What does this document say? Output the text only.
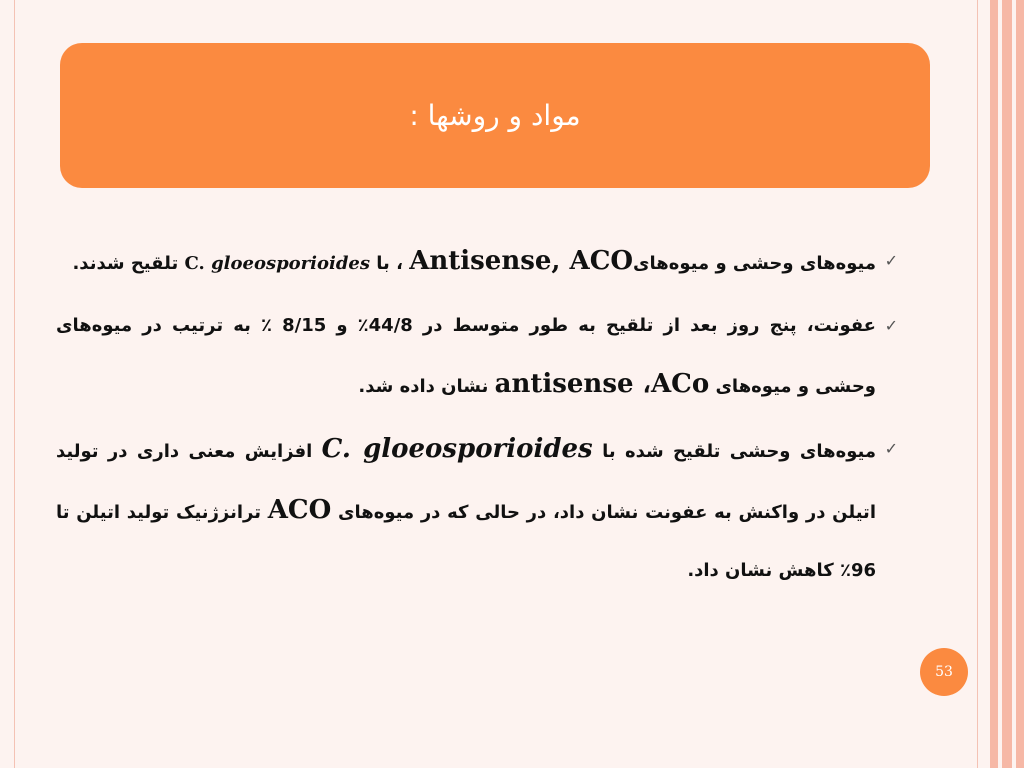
مواد و روشها :
✓
میوه‌های وحشی و میوه‌هایAntisense, ACO ، با gloeosporioides C. تلقیح شدند.
✓
عفونت، پنج روز بعد از تلقیح به طور متوسط در 44/8٪ و 8/15 ٪ به ترتیب در میوه‌های وحشی و میوه‌های antisense ،ACo نشان داده شد.
✓
میوه‌های وحشی تلقیح شده با C. gloeosporioides افزایش معنی داری در تولید اتیلن در واکنش به عفونت نشان داد، در حالی که در میوه‌های ACO ترانزژنیک تولید اتیلن تا 96٪ کاهش نشان داد.
53
